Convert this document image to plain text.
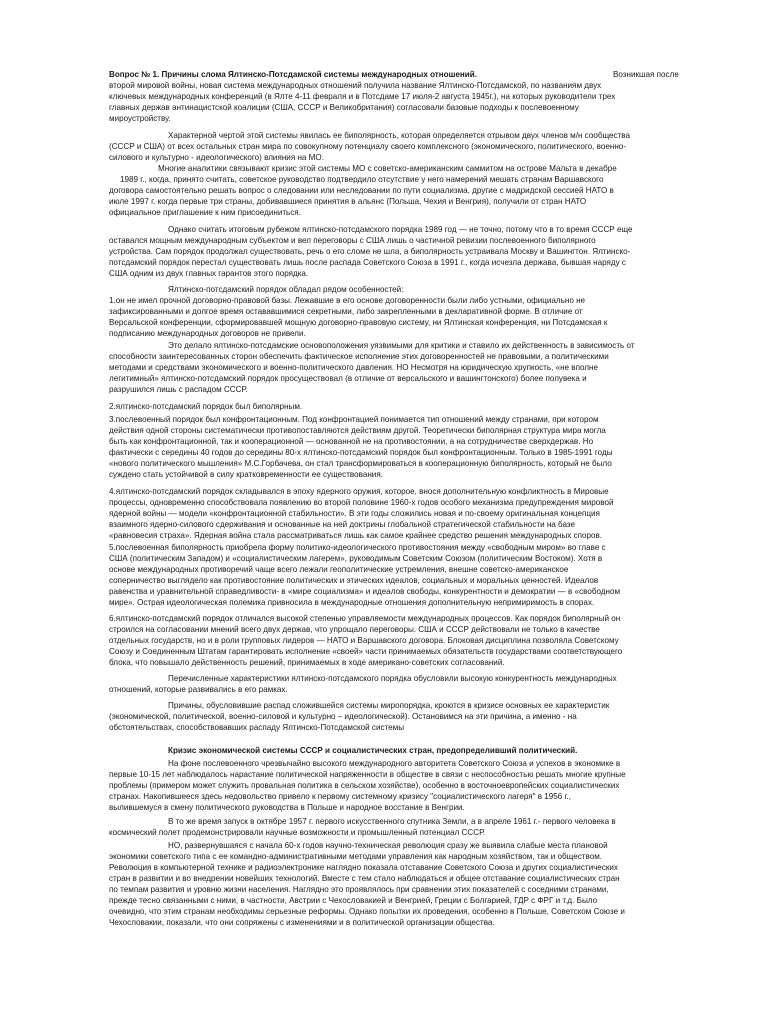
Вопрос № 1. Причины слома Ялтинско-Потсдамской системы международных отношений.	Возникшая после
второй мировой войны, новая система международных отношений получила название Ялтинско-Потсдамской, по названиям двух
ключевых международных конференций (в Ялте 4-11 февраля и в Потсдаме 17 июля-2 августа 1945г.), на которых руководители трех
главных держав антинацистской коалиции (США, СССР и Великобритания) согласовали базовые подходы к послевоенному
мироустройству.
Характерной чертой этой системы явилась ее биполярность, которая определяется отрывом двух членов м/н сообщества
(СССР и США) от всех остальных стран мира по совокупному потенциалу своего комплексного (экономического, политического, военно-
силового и культурно - идеологического) влияния на МО.
Многие аналитики связывают кризис этой системы МО с советско-американским саммитом на острове Мальта в декабре
1989 г., когда, принято считать, советское руководство подтвердило отсутствие у него намерений мешать странам Варшавского
договора самостоятельно решать вопрос о следовании или неследовании по пути социализма, другие с мадридской сессией НАТО в
июле 1997 г. когда первые три страны, добивавшиеся принятия в альянс (Польша, Чехия и Венгрия), получили от стран НАТО
официальное приглашение к ним присоединиться.
Однако считать итоговым рубежом ялтинско-потсдамского порядка 1989 год — не точно, потому что в то время СССР еще
оставался мощным международным субъектом и вел переговоры с США лишь о частичной ревизии послевоенного биполярного
устройства. Сам порядок продолжал существовать, речь о его сломе не шла, а биполярность устраивала Москву и Вашингтон. Ялтинско-
потсдамский порядок перестал существовать лишь после распада Советского Союза в 1991 г., когда исчезла держава, бывшая наряду с
США одним из двух главных гарантов этого порядка.
Ялтинско-потсдамский порядок обладал рядом особенностей:
1.он не имел прочной договорно-правовой базы. Лежавшие в его основе договоренности были либо устными, официально не
зафиксированными и долгое время остававшимися секретными, либо закрепленными в декларативной форме. В отличие от
Версальской конференции, сформировавшей мощную договорно-правовую систему, ни Ялтинская конференция, ни Потсдамская к
подписанию международных договоров не привели.
Это делало ялтинско-потсдамские основоположения уязвимыми для критики и ставило их действенность в зависимость от
способности заинтересованных сторон обеспечить фактическое исполнение этих договоренностей не правовыми, а политическими
методами и средствами экономического и военно-политического давления. НО Несмотря на юридическую хрупкость, «не вполне
легитимный» ялтинско-потсдамский порядок просуществовал (в отличие от версальского и вашингтонского) более полувека и
разрушился лишь с распадом СССР.
2.ялтинско-потсдамский порядок был биполярным.
3.послевоенный порядок был конфронтационным. Под конфронтацией понимается тип отношений между странами, при котором
действия одной стороны систематически противопоставляются действиям другой. Теоретически биполярная структура мира могла
быть как конфронтационной, так и кооперационной — основанной не на противостоянии, а на сотрудничестве сверхдержав. Но
фактически с середины 40 годов до середины 80-х ялтинско-потсдамский порядок был конфронтационным. Только в 1985-1991 годы
«нового политического мышления» М.С.Горбачева, он стал трансформироваться в кооперационную биполярность, который не было
суждено стать устойчивой в силу кратковременности ее существования.
4.ялтинско-потсдамский порядок складывался в эпоху ядерного оружия, которое, внося дополнительную конфликтность в Мировые
процессы, одновременно способствовала появлению во второй половине 1960-х годов особого механизма предупреждения мировой
ядерной войны — модели «конфронтационной стабильности». В эти годы сложились новая и по-своему оригинальная концепция
взаимного ядерно-силового сдерживания и основанные на ней доктрины глобальной стратегической стабильности на базе
«равновесия страха». Ядерная война стала рассматриваться лишь как самое крайнее средство решения международных споров.
5.послевоенная биполярность приобрела форму политико-идеологического противостояния между «свободным миром» во главе с
США (политическим Западом) и «социалистическим лагерем», руководимым Советским Союзом (политическим Востоком). Хотя в
основе международных противоречий чаще всего лежали геополитические устремления, внешне советско-американское
соперничество выглядело как противостояние политических и этических идеалов, социальных и моральных ценностей. Идеалов
равенства и уравнительной справедливости- в «мире социализма» и идеалов свободы, конкурентности и демократии — в «свободном
мире». Острая идеологическая полемика привносила в международные отношения дополнительную непримиримость в спорах.
6.ялтинско-потсдамский порядок отличался высокой степенью управляемости международных процессов. Как порядок биполярный он
строился на согласовании мнений всего двух держав, что упрощало переговоры. США и СССР действовали не только в качестве
отдельных государств, но и в роли групповых лидеров — НАТО и Варшавского договора. Блоковая дисциплина позволяла Советскому
Союзу и Соединенным Штатам гарантировать исполнение «своей» части принимаемых обязательств государствами соответствующего
блока, что повышало действенность решений, принимаемых в ходе американо-советских согласований.
Перечисленные характеристики ялтинско-потсдамского порядка обусловили высокую конкурентность международных
отношений, которые развивались в его рамках.
Причины, обусловившие распад сложившейся системы миропорядка, кроются в кризисе основных ее характеристик
(экономической, политической, военно-силовой и культурно – идеологической). Остановимся на эти причина, а именно - на
обстоятельствах, способствовавших распаду Ялтинско-Потсдамской системы
На фоне послевоенного чрезвычайно высокого международного авторитета Советского Союза и успехов в экономике в
первые 10-15 лет наблюдалось нарастание политической напряженности в обществе в связи с неспособностью решать многие крупные
проблемы (примером может служить провальная политика в сельском хозяйстве), особенно в восточноевропейских социалистических
странах. Накопившееся здесь недовольство привело к первому системному кризису "социалистического лагеря" в 1956 г.,
вылившемуся в смену политического руководства в Польше и народное восстание в Венгрии.
В то же время запуск в октябре 1957 г. первого искусственного спутника Земли, а в апреле 1961 г.- первого человека в
космический полет продемонстрировали научные возможности и промышленный потенциал СССР.
НО, развернувшаяся с начала 60-х годов научно-техническая революция сразу же выявила слабые места плановой
экономики советского типа с ее командно-административными методами управления как народным хозяйством, так и обществом.
Революция в компьютерной технике и радиоэлектронике наглядно показала отставание Советского Союза и других социалистических
стран в развитии и во внедрении новейших технологий. Вместе с тем стало наблюдаться и общее отставание социалистических стран
по темпам развития и уровню жизни населения. Наглядно это проявлялось при сравнении этих показателей с соседними странами,
прежде тесно связанными с ними, в частности, Австрии с Чехословакией и Венгрией, Греции с Болгарией, ГДР с ФРГ и т.д. Было
очевидно, что этим странам необходимы серьезные реформы. Однако попытки их проведения, особенно в Польше, Советском Союзе и
Чехословакии, показали, что они сопряжены с изменениями и в политической организации общества.
Кризис экономической системы СССР и социалистических стран, предопределивший политический.
